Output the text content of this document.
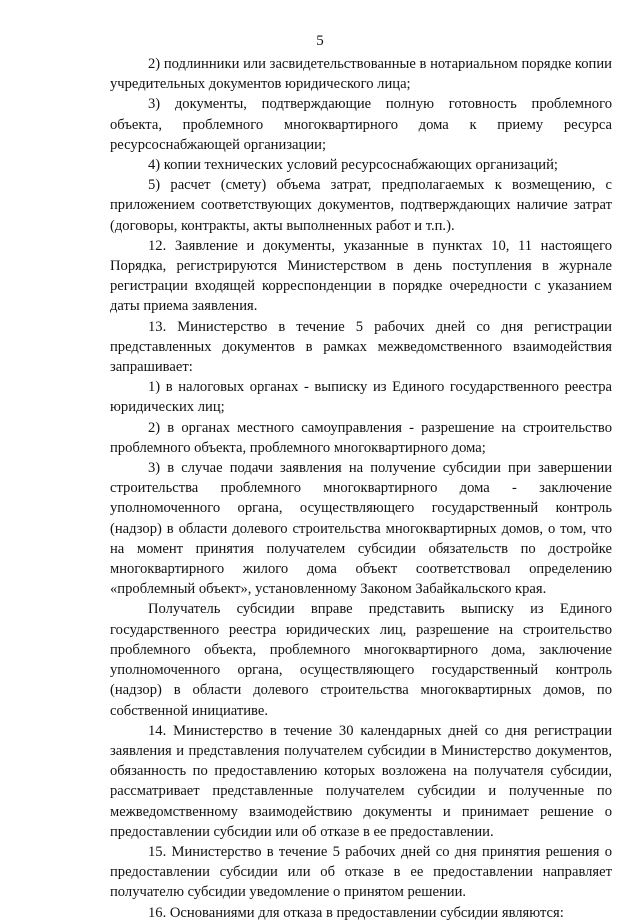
5

2) подлинники или засвидетельствованные в нотариальном порядке копии учредительных документов юридического лица;

3) документы, подтверждающие полную готовность проблемного объекта, проблемного многоквартирного дома к приему ресурса ресурсоснабжающей организации;

4) копии технических условий ресурсоснабжающих организаций;

5) расчет (смету) объема затрат, предполагаемых к возмещению, с приложением соответствующих документов, подтверждающих наличие затрат (договоры, контракты, акты выполненных работ и т.п.).

12. Заявление и документы, указанные в пунктах 10, 11 настоящего Порядка, регистрируются Министерством в день поступления в журнале регистрации входящей корреспонденции в порядке очередности с указанием даты приема заявления.

13. Министерство в течение 5 рабочих дней со дня регистрации представленных документов в рамках межведомственного взаимодействия запрашивает:

1) в налоговых органах - выписку из Единого государственного реестра юридических лиц;

2) в органах местного самоуправления - разрешение на строительство проблемного объекта, проблемного многоквартирного дома;

3) в случае подачи заявления на получение субсидии при завершении строительства проблемного многоквартирного дома - заключение уполномоченного органа, осуществляющего государственный контроль (надзор) в области долевого строительства многоквартирных домов, о том, что на момент принятия получателем субсидии обязательств по достройке многоквартирного жилого дома объект соответствовал определению «проблемный объект», установленному Законом Забайкальского края.

Получатель субсидии вправе представить выписку из Единого государственного реестра юридических лиц, разрешение на строительство проблемного объекта, проблемного многоквартирного дома, заключение уполномоченного органа, осуществляющего государственный контроль (надзор) в области долевого строительства многоквартирных домов, по собственной инициативе.

14. Министерство в течение 30 календарных дней со дня регистрации заявления и представления получателем субсидии в Министерство документов, обязанность по предоставлению которых возложена на получателя субсидии, рассматривает представленные получателем субсидии и полученные по межведомственному взаимодействию документы и принимает решение о предоставлении субсидии или об отказе в ее предоставлении.

15. Министерство в течение 5 рабочих дней со дня принятия решения о предоставлении субсидии или об отказе в ее предоставлении направляет получателю субсидии уведомление о принятом решении.

16. Основаниями для отказа в предоставлении субсидии являются:
